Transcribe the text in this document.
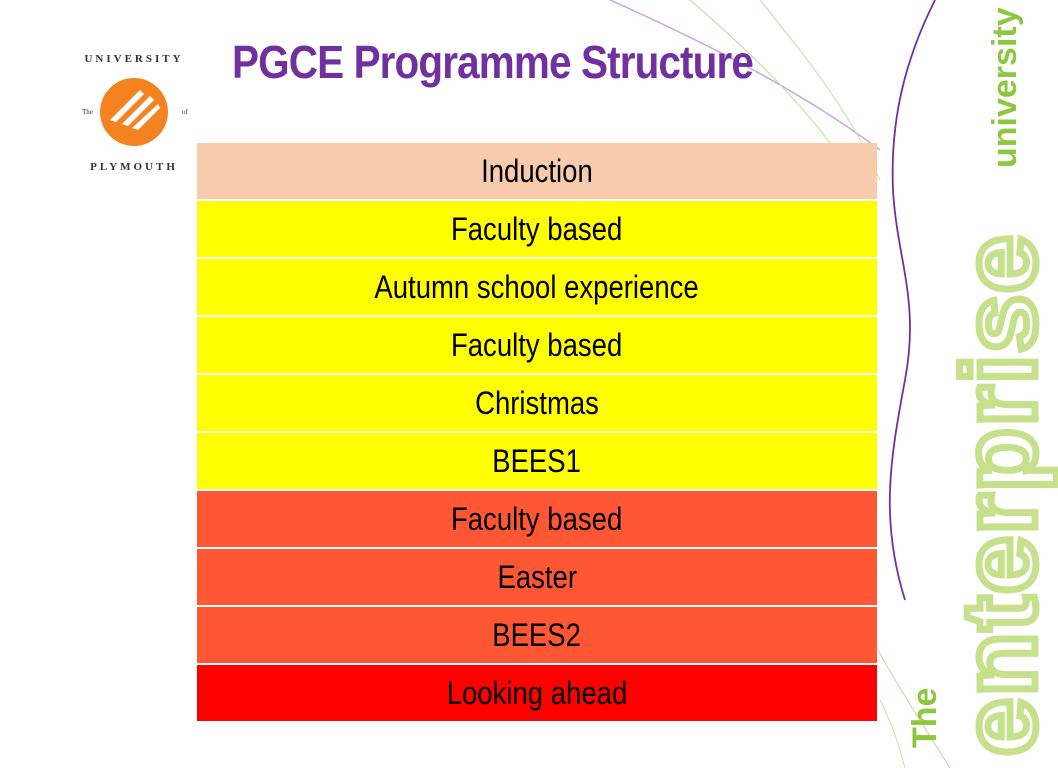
UNIVERSITY
PLYMOUTH
The	of
PGCE Programme Structure
Induction
Faculty based
Autumn school experience
Faculty based
Christmas
BEES1
Faculty based
Easter
BEES2
Looking ahead
university
enterprise
The
